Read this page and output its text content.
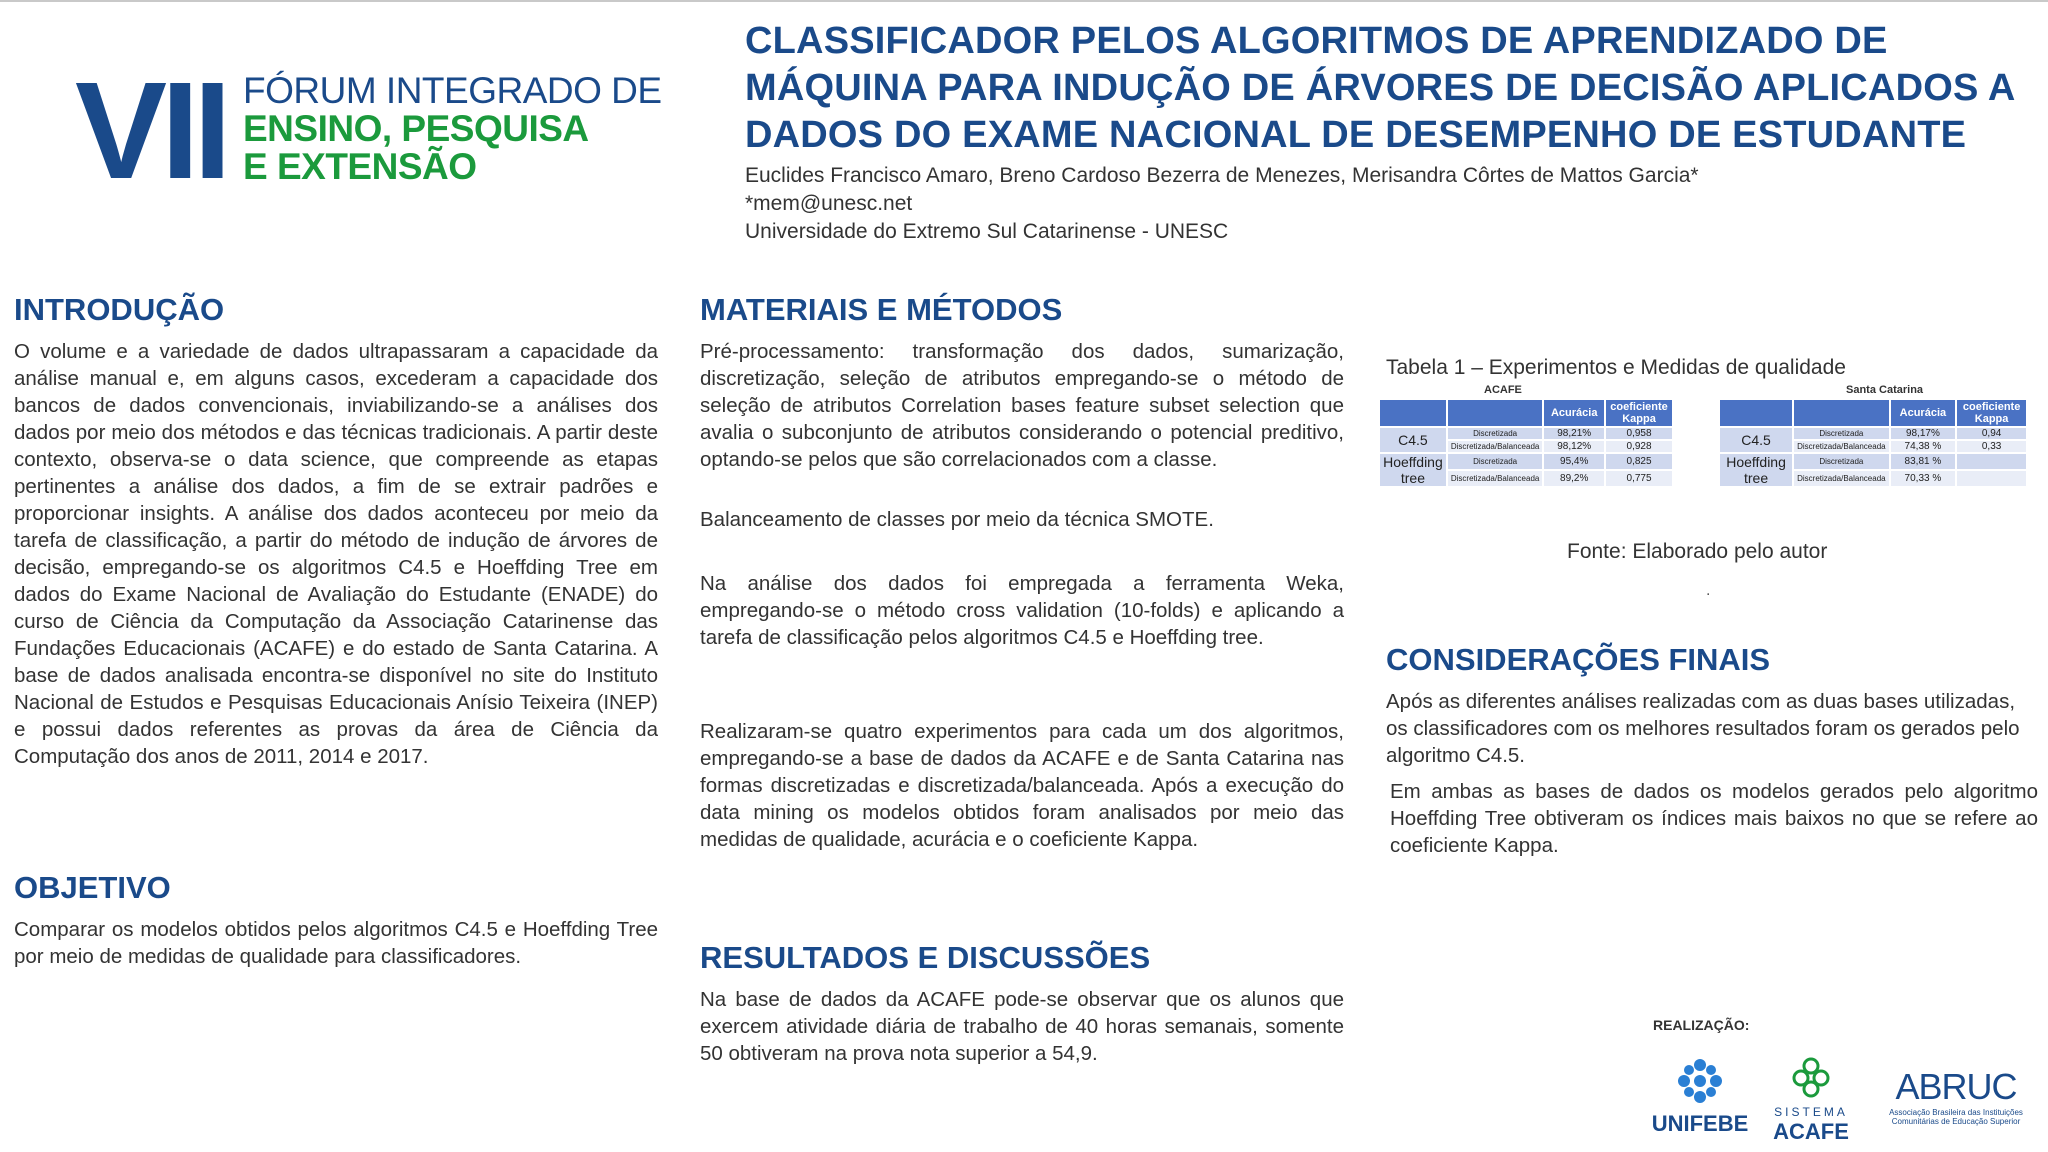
VII FÓRUM INTEGRADO DE
ENSINO, PESQUISA
E EXTENSÃO
CLASSIFICADOR PELOS ALGORITMOS DE APRENDIZADO DE
MÁQUINA PARA INDUÇÃO DE ÁRVORES DE DECISÃO APLICADOS A
DADOS DO EXAME NACIONAL DE DESEMPENHO DE ESTUDANTE
Euclides Francisco Amaro, Breno Cardoso Bezerra de Menezes, Merisandra Côrtes de Mattos Garcia*
*mem@unesc.net
Universidade do Extremo Sul Catarinense - UNESC
INTRODUÇÃO

O volume e a variedade de dados ultrapassaram a capacidade da análise manual e, em alguns casos, excederam a capacidade dos bancos de dados convencionais, inviabilizando-se a análises dos dados por meio dos métodos e das técnicas tradicionais. A partir deste contexto, observa-se o data science, que compreende as etapas pertinentes a análise dos dados, a fim de se extrair padrões e proporcionar insights. A análise dos dados aconteceu por meio da tarefa de classificação, a partir do método de indução de árvores de decisão, empregando-se os algoritmos C4.5 e Hoeffding Tree em dados do Exame Nacional de Avaliação do Estudante (ENADE) do curso de Ciência da Computação da Associação Catarinense das Fundações Educacionais (ACAFE) e do estado de Santa Catarina. A base de dados analisada encontra-se disponível no site do Instituto Nacional de Estudos e Pesquisas Educacionais Anísio Teixeira (INEP) e possui dados referentes as provas da área de Ciência da Computação dos anos de 2011, 2014 e 2017.

OBJETIVO

Comparar os modelos obtidos pelos algoritmos C4.5 e Hoeffding Tree por meio de medidas de qualidade para classificadores.

MATERIAIS E MÉTODOS

Pré-processamento: transformação dos dados, sumarização, discretização, seleção de atributos empregando-se o método de seleção de atributos Correlation bases feature subset selection que avalia o subconjunto de atributos considerando o potencial preditivo, optando-se pelos que são correlacionados com a classe.

Balanceamento de classes por meio da técnica SMOTE.

Na análise dos dados foi empregada a ferramenta Weka, empregando-se o método cross validation (10-folds) e aplicando a tarefa de classificação pelos algoritmos C4.5 e Hoeffding tree.

Realizaram-se quatro experimentos para cada um dos algoritmos, empregando-se a base de dados da ACAFE e de Santa Catarina nas formas discretizadas e discretizada/balanceada. Após a execução do data mining os modelos obtidos foram analisados por meio das medidas de qualidade, acurácia e o coeficiente Kappa.

RESULTADOS E DISCUSSÕES

Na base de dados da ACAFE pode-se observar que os alunos que exercem atividade diária de trabalho de 40 horas semanais, somente 50 obtiveram na prova nota superior a 54,9.

Tabela 1 – Experimentos e Medidas de qualidade
ACAFE
		Acurácia	coeficiente Kappa
C4.5	Discretizada	98,21%	0,958
	Discretizada/Balanceada	98,12%	0,928
Hoeffding tree	Discretizada	95,4%	0,825
	Discretizada/Balanceada	89,2%	0,775
Santa Catarina
		Acurácia	coeficiente Kappa
C4.5	Discretizada	98,17%	0,94
	Discretizada/Balanceada	74,38 %	0,33
Hoeffding tree	Discretizada	83,81 %	
	Discretizada/Balanceada	70,33 %	
Fonte: Elaborado pelo autor
.
CONSIDERAÇÕES FINAIS

Após as diferentes análises realizadas com as duas bases utilizadas, os classificadores com os melhores resultados foram os gerados pelo algoritmo C4.5.

Em ambas as bases de dados os modelos gerados pelo algoritmo Hoeffding Tree obtiveram os índices mais baixos no que se refere ao coeficiente Kappa.

REALIZAÇÃO:
UNIFEBE	SISTEMA
ACAFE
ABRUC
Associação Brasileira das Instituições Comunitárias de Educação Superior
